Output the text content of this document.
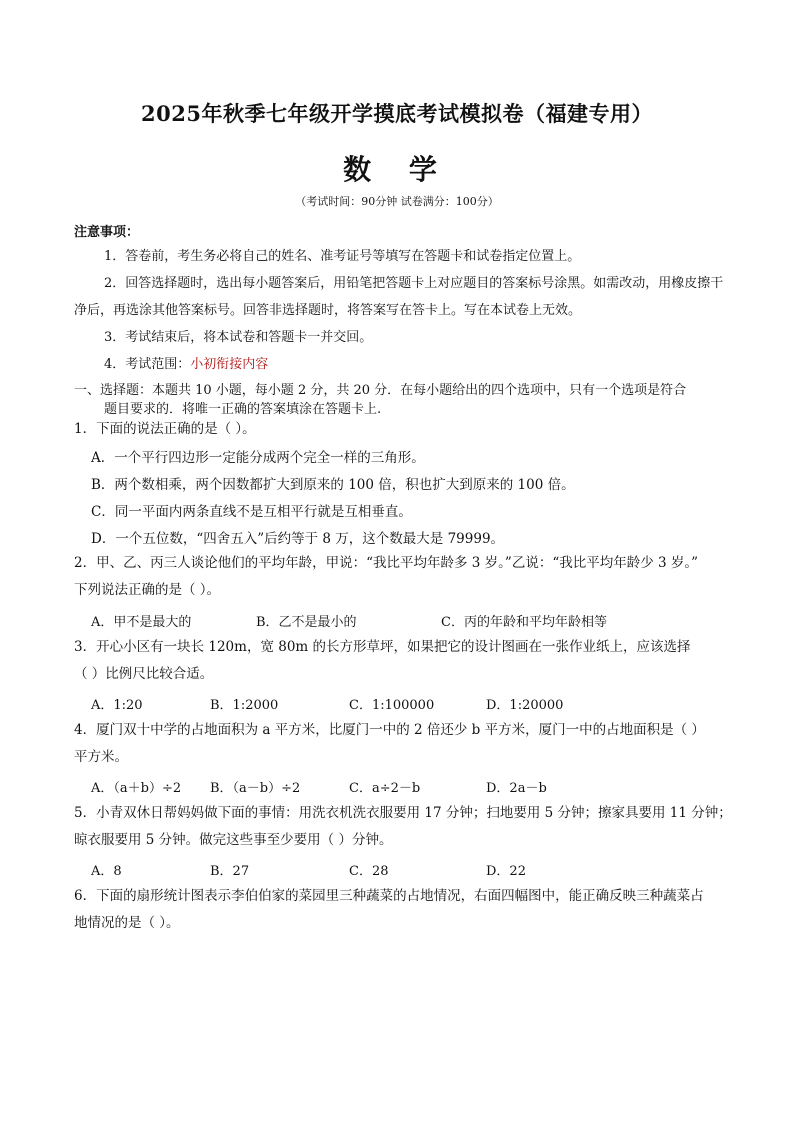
2025年秋季七年级开学摸底考试模拟卷（福建专用）
数 学
（考试时间：90分钟 试卷满分：100分）
注意事项：
1．答卷前，考生务必将自己的姓名、准考证号等填写在答题卡和试卷指定位置上。
2．回答选择题时，选出每小题答案后，用铅笔把答题卡上对应题目的答案标号涂黑。如需改动，用橡皮擦干净后，再选涂其他答案标号。回答非选择题时，将答案写在答卡上。写在本试卷上无效。
3．考试结束后，将本试卷和答题卡一并交回。
4．考试范围：小初衔接内容
一、选择题：本题共 10 小题，每小题 2 分，共 20 分．在每小题给出的四个选项中，只有一个选项是符合
题目要求的．将唯一正确的答案填涂在答题卡上.
1．下面的说法正确的是（ ）。
A．一个平行四边形一定能分成两个完全一样的三角形。
B．两个数相乘，两个因数都扩大到原来的 100 倍，积也扩大到原来的 100 倍。
C．同一平面内两条直线不是互相平行就是互相垂直。
D．一个五位数，“四舍五入”后约等于 8 万，这个数最大是 79999。
2．甲、乙、丙三人谈论他们的平均年龄，甲说：“我比平均年龄多 3 岁。”乙说：“我比平均年龄少 3 岁。”
下列说法正确的是（ ）。
A．甲不是最大的	B．乙不是最小的	C．丙的年龄和平均年龄相等
3．开心小区有一块长 120m，宽 80m 的长方形草坪，如果把它的设计图画在一张作业纸上，应该选择
（ ）比例尺比较合适。
A．1:20	B．1:2000	C．1:100000	D．1:20000
4．厦门双十中学的占地面积为 a 平方米，比厦门一中的 2 倍还少 b 平方米，厦门一中的占地面积是（ ）
平方米。
A．（a＋b）÷2 B．（a－b）÷2	C．a÷2－b	D．2a－b
5．小青双休日帮妈妈做下面的事情：用洗衣机洗衣服要用 17 分钟；扫地要用 5 分钟；擦家具要用 11 分钟；
晾衣服要用 5 分钟。做完这些事至少要用（ ）分钟。
A．8	B．27	C．28	D．22
6．下面的扇形统计图表示李伯伯家的菜园里三种蔬菜的占地情况，右面四幅图中，能正确反映三种蔬菜占
地情况的是（ ）。
